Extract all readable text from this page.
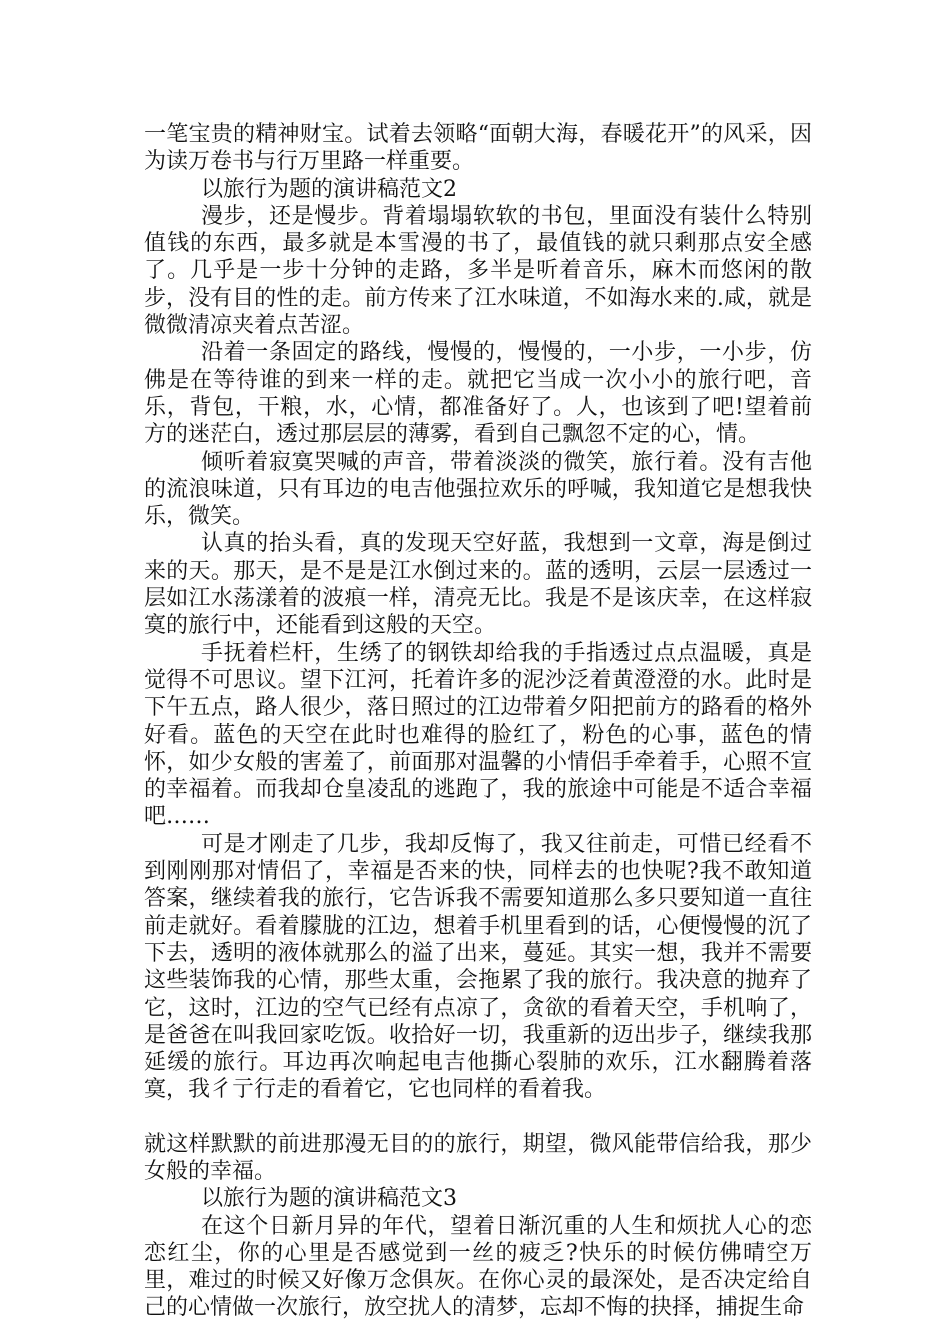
一笔宝贵的精神财宝。试着去领略“面朝大海，春暖花开”的风采，因为读万卷书与行万里路一样重要。

以旅行为题的演讲稿范文2

漫步，还是慢步。背着塌塌软软的书包，里面没有装什么特别值钱的东西，最多就是本雪漫的书了，最值钱的就只剩那点安全感了。几乎是一步十分钟的走路，多半是听着音乐，麻木而悠闲的散步，没有目的性的走。前方传来了江水味道，不如海水来的.咸，就是微微清凉夹着点苦涩。

沿着一条固定的路线，慢慢的，慢慢的，一小步，一小步，仿佛是在等待谁的到来一样的走。就把它当成一次小小的旅行吧，音乐，背包，干粮，水，心情，都准备好了。人，也该到了吧!望着前方的迷茫白，透过那层层的薄雾，看到自己飘忽不定的心，情。

倾听着寂寞哭喊的声音，带着淡淡的微笑，旅行着。没有吉他的流浪味道，只有耳边的电吉他强拉欢乐的呼喊，我知道它是想我快乐，微笑。

认真的抬头看，真的发现天空好蓝，我想到一文章，海是倒过来的天。那天，是不是是江水倒过来的。蓝的透明，云层一层透过一层如江水荡漾着的波痕一样，清亮无比。我是不是该庆幸，在这样寂寞的旅行中，还能看到这般的天空。

手抚着栏杆，生绣了的钢铁却给我的手指透过点点温暖，真是觉得不可思议。望下江河，托着许多的泥沙泛着黄澄澄的水。此时是下午五点，路人很少，落日照过的江边带着夕阳把前方的路看的格外好看。蓝色的天空在此时也难得的脸红了，粉色的心事，蓝色的情怀，如少女般的害羞了，前面那对温馨的小情侣手牵着手，心照不宣的幸福着。而我却仓皇凌乱的逃跑了，我的旅途中可能是不适合幸福吧……

可是才刚走了几步，我却反悔了，我又往前走，可惜已经看不到刚刚那对情侣了，幸福是否来的快，同样去的也快呢?我不敢知道答案，继续着我的旅行，它告诉我不需要知道那么多只要知道一直往前走就好。看着朦胧的江边，想着手机里看到的话，心便慢慢的沉了下去，透明的液体就那么的溢了出来，蔓延。其实一想，我并不需要这些装饰我的心情，那些太重，会拖累了我的旅行。我决意的抛弃了它，这时，江边的空气已经有点凉了，贪欲的看着天空，手机响了，是爸爸在叫我回家吃饭。收拾好一切，我重新的迈出步子，继续我那延缓的旅行。耳边再次响起电吉他撕心裂肺的欢乐，江水翻腾着落寞，我彳亍行走的看着它，它也同样的看着我。

就这样默默的前进那漫无目的的旅行，期望，微风能带信给我，那少女般的幸福。

以旅行为题的演讲稿范文3

在这个日新月异的年代，望着日渐沉重的人生和烦扰人心的恋恋红尘，你的心里是否感觉到一丝的疲乏?快乐的时候仿佛晴空万里，难过的时候又好像万念俱灰。在你心灵的最深处，是否决定给自己的心情做一次旅行，放空扰人的清梦，忘却不悔的抉择，捕捉生命
